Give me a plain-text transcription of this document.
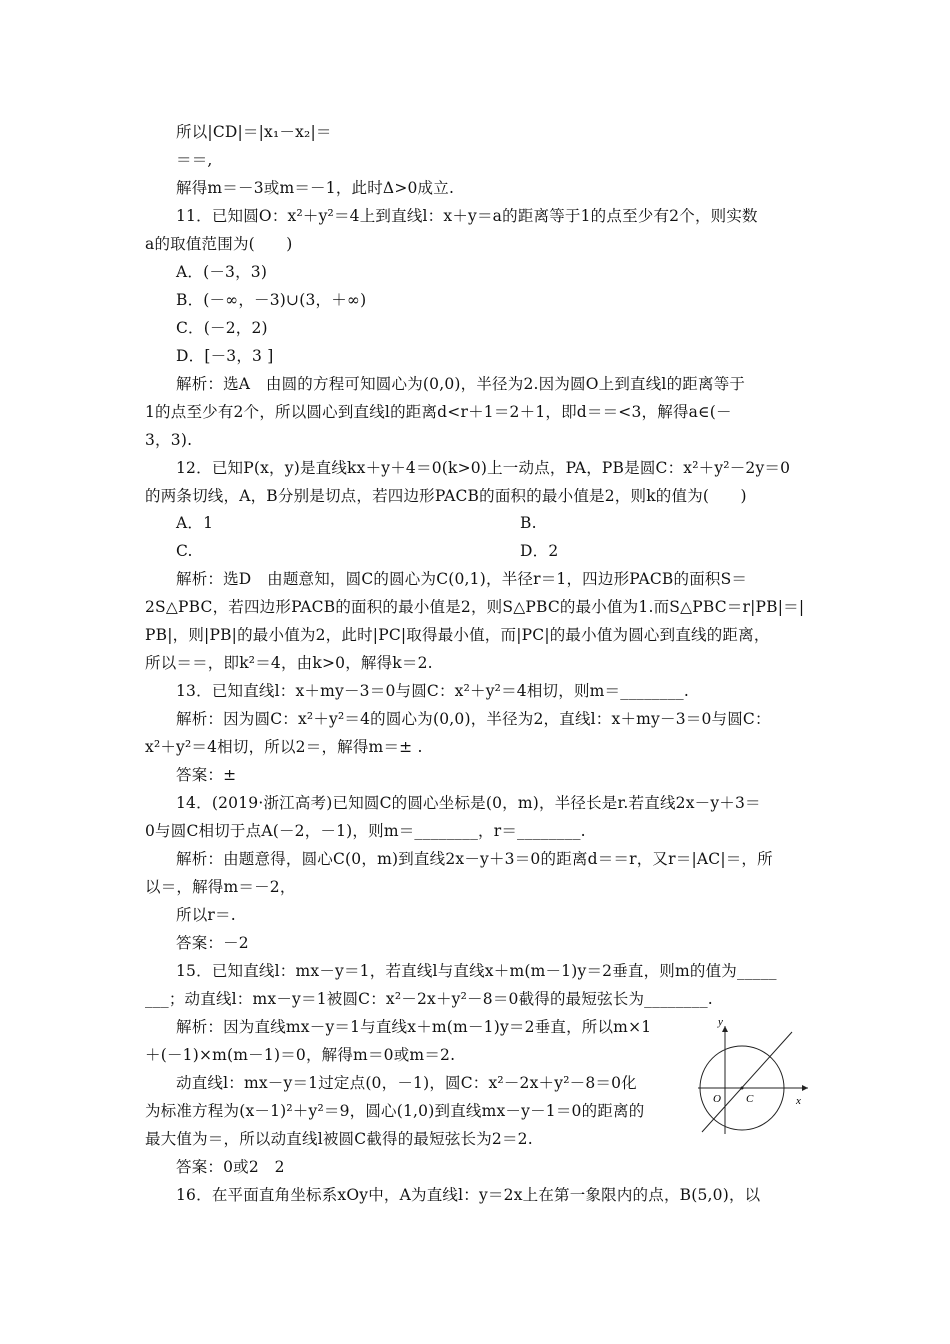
所以|CD|＝|x₁－x₂|＝
＝＝,
解得m＝－3或m＝－1，此时Δ>0成立.
11．已知圆O：x²＋y²＝4上到直线l：x＋y＝a的距离等于1的点至少有2个，则实数
a的取值范围为(　　)
A．(－3，3)
B．(－∞，－3)∪(3，＋∞)
C．(－2，2)
D．[－3，3 ]
解析：选A　由圆的方程可知圆心为(0,0)，半径为2.因为圆O上到直线l的距离等于
1的点至少有2个，所以圆心到直线l的距离d<r＋1＝2＋1，即d＝＝<3，解得a∈(－
3，3).
12．已知P(x，y)是直线kx＋y＋4＝0(k>0)上一动点，PA，PB是圆C：x²＋y²－2y＝0
的两条切线，A，B分别是切点，若四边形PACB的面积的最小值是2，则k的值为(　　)
A．1	B.
C.	D．2
解析：选D　由题意知，圆C的圆心为C(0,1)，半径r＝1，四边形PACB的面积S＝
2S△PBC，若四边形PACB的面积的最小值是2，则S△PBC的最小值为1.而S△PBC＝r|PB|＝|
PB|，则|PB|的最小值为2，此时|PC|取得最小值，而|PC|的最小值为圆心到直线的距离，
所以＝＝，即k²＝4，由k>0，解得k＝2.
13．已知直线l：x＋my－3＝0与圆C：x²＋y²＝4相切，则m＝________.
解析：因为圆C：x²＋y²＝4的圆心为(0,0)，半径为2，直线l：x＋my－3＝0与圆C：
x²＋y²＝4相切，所以2＝，解得m＝± .
答案：±
14．(2019·浙江高考)已知圆C的圆心坐标是(0，m)，半径长是r.若直线2x－y＋3＝
0与圆C相切于点A(－2，－1)，则m＝________，r＝________.
解析：由题意得，圆心C(0，m)到直线2x－y＋3＝0的距离d＝＝r，又r＝|AC|＝，所
以＝，解得m＝－2，
所以r＝.
答案：－2
15．已知直线l：mx－y＝1，若直线l与直线x＋m(m－1)y＝2垂直，则m的值为_____
___；动直线l：mx－y＝1被圆C：x²－2x＋y²－8＝0截得的最短弦长为________.
解析：因为直线mx－y＝1与直线x＋m(m－1)y＝2垂直，所以m×1
＋(－1)×m(m－1)＝0，解得m＝0或m＝2.
动直线l：mx－y＝1过定点(0，－1)，圆C：x²－2x＋y²－8＝0化
为标准方程为(x－1)²＋y²＝9，圆心(1,0)到直线mx－y－1＝0的距离的
最大值为＝，所以动直线l被圆C截得的最短弦长为2＝2.
答案：0或2　2
16．在平面直角坐标系xOy中，A为直线l：y＝2x上在第一象限内的点，B(5,0)，以
y
x
O C
